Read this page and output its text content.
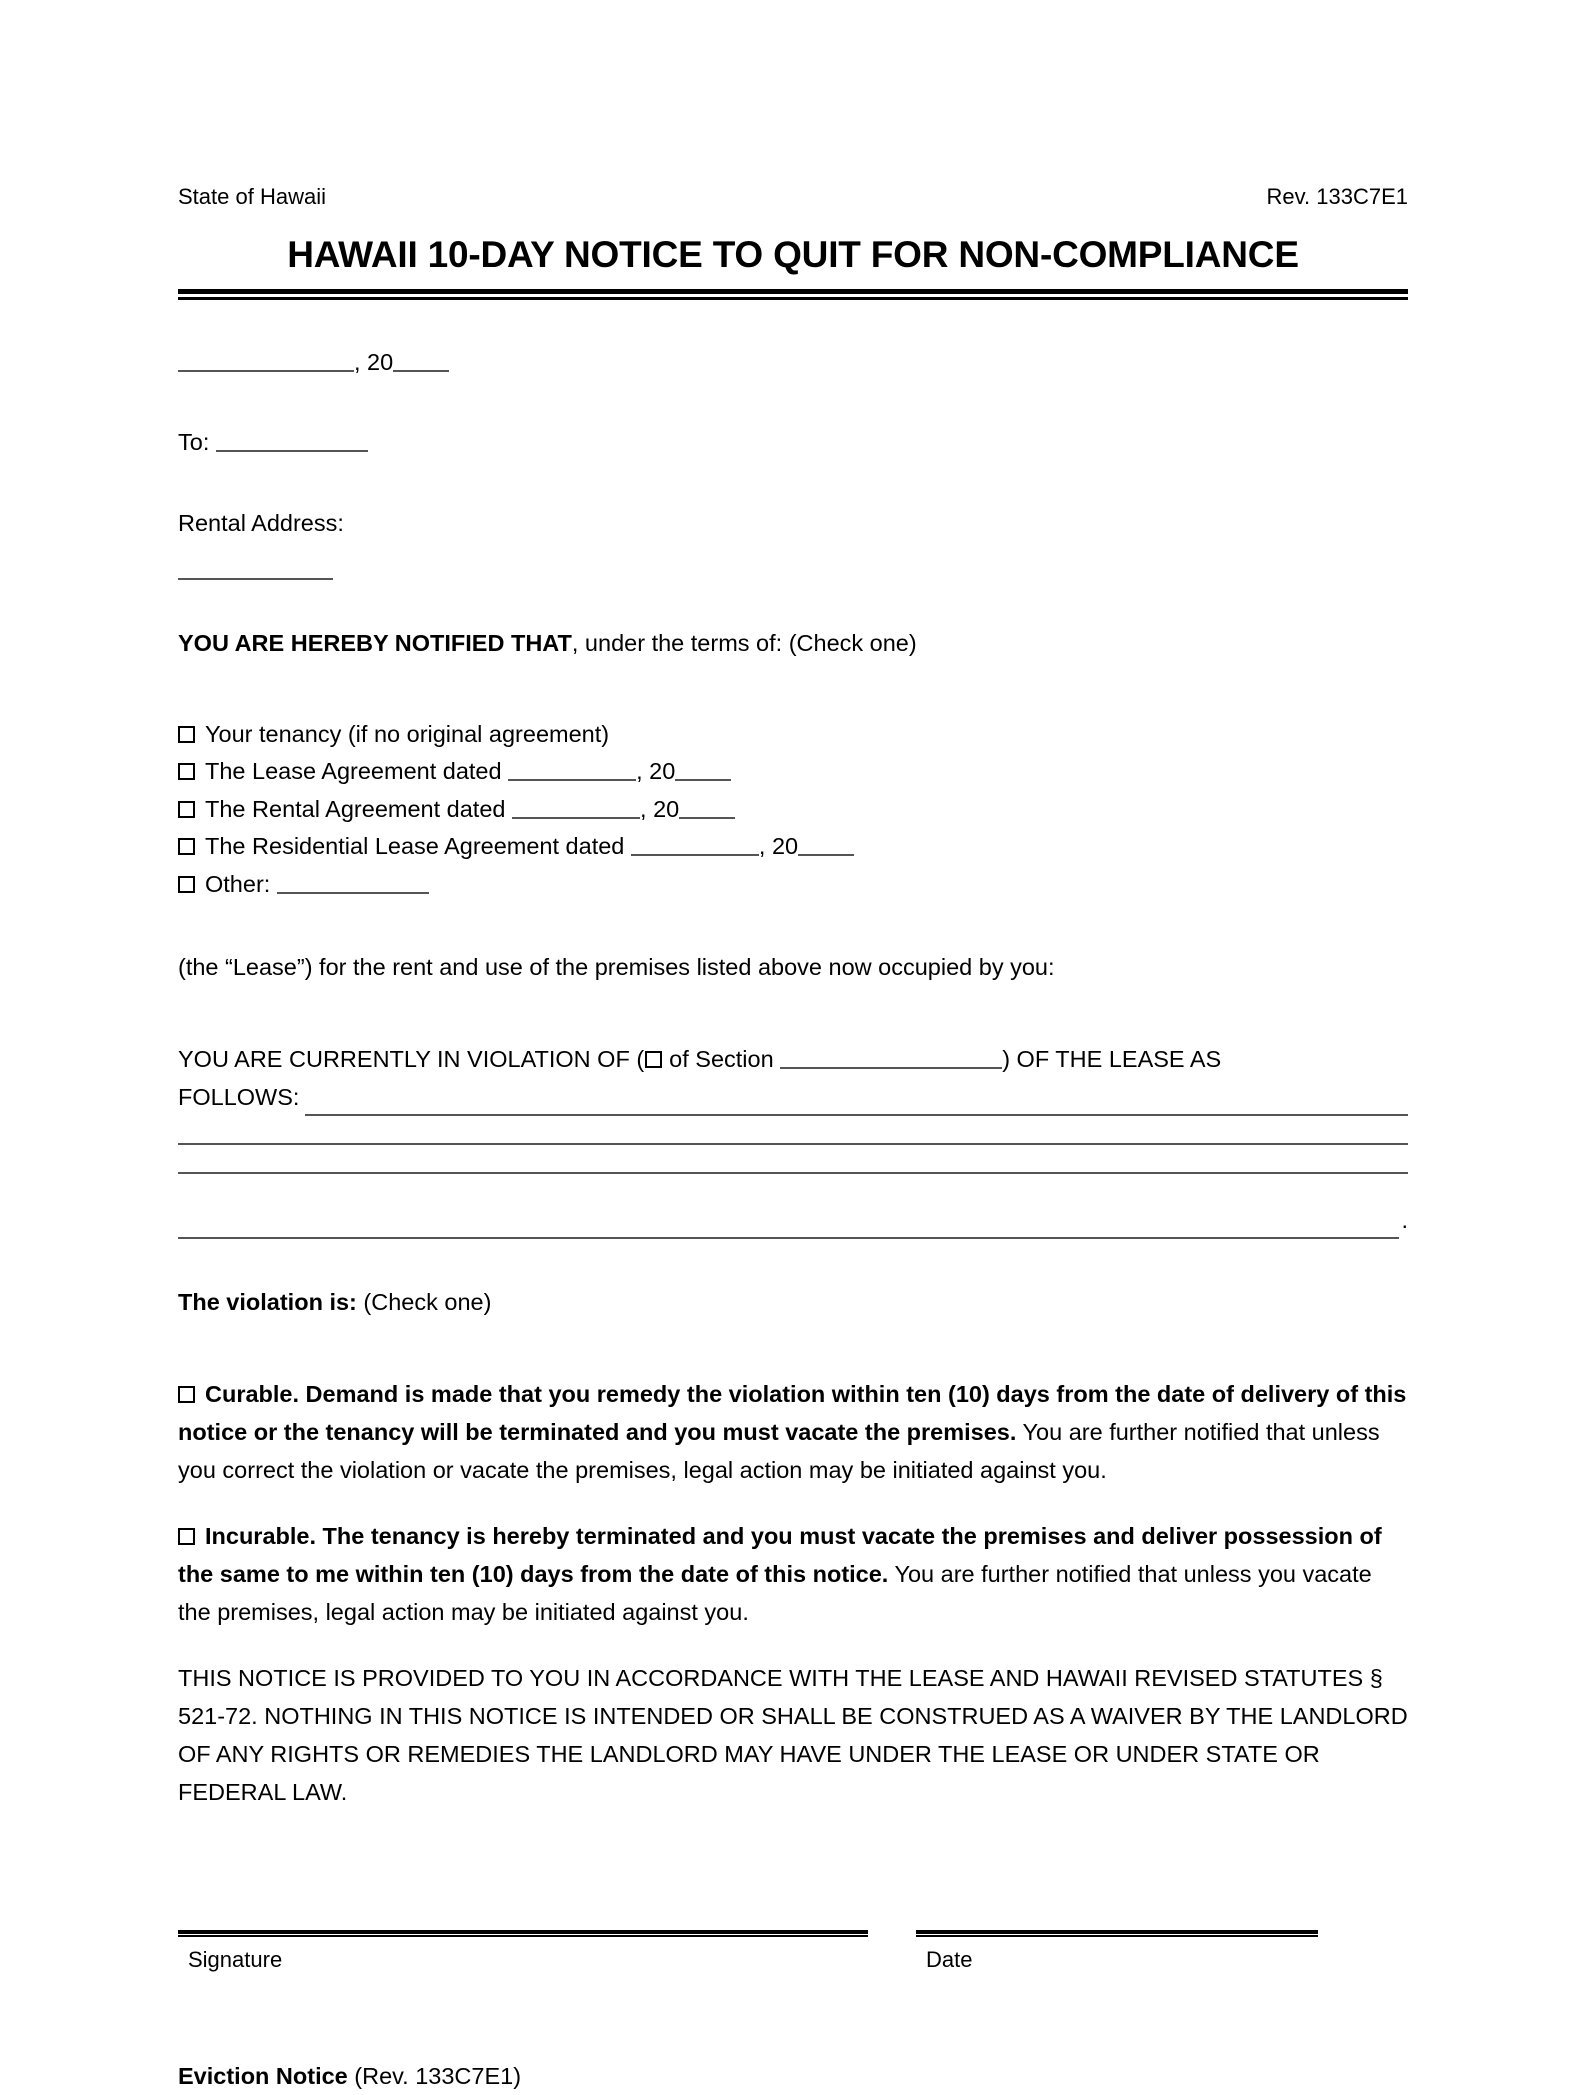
State of Hawaii	Rev. 133C7E1
HAWAII 10-DAY NOTICE TO QUIT FOR NON-COMPLIANCE
, 20
To:
Rental Address:
YOU ARE HEREBY NOTIFIED THAT, under the terms of: (Check one)
Your tenancy (if no original agreement)
The Lease Agreement dated	, 20
The Rental Agreement dated	, 20
The Residential Lease Agreement dated	, 20
Other:
(the “Lease”) for the rent and use of the premises listed above now occupied by you:
YOU ARE CURRENTLY IN VIOLATION OF ( of Section	) OF THE LEASE AS
FOLLOWS:
.
The violation is: (Check one)
Curable. Demand is made that you remedy the violation within ten (10) days from the date of delivery of this notice or the tenancy will be terminated and you must vacate the premises. You are further notified that unless you correct the violation or vacate the premises, legal action may be initiated against you.
Incurable. The tenancy is hereby terminated and you must vacate the premises and deliver possession of the same to me within ten (10) days from the date of this notice. You are further notified that unless you vacate the premises, legal action may be initiated against you.
THIS NOTICE IS PROVIDED TO YOU IN ACCORDANCE WITH THE LEASE AND HAWAII REVISED STATUTES § 521-72. NOTHING IN THIS NOTICE IS INTENDED OR SHALL BE CONSTRUED AS A WAIVER BY THE LANDLORD OF ANY RIGHTS OR REMEDIES THE LANDLORD MAY HAVE UNDER THE LEASE OR UNDER STATE OR FEDERAL LAW.
Signature	Date
Eviction Notice (Rev. 133C7E1)
